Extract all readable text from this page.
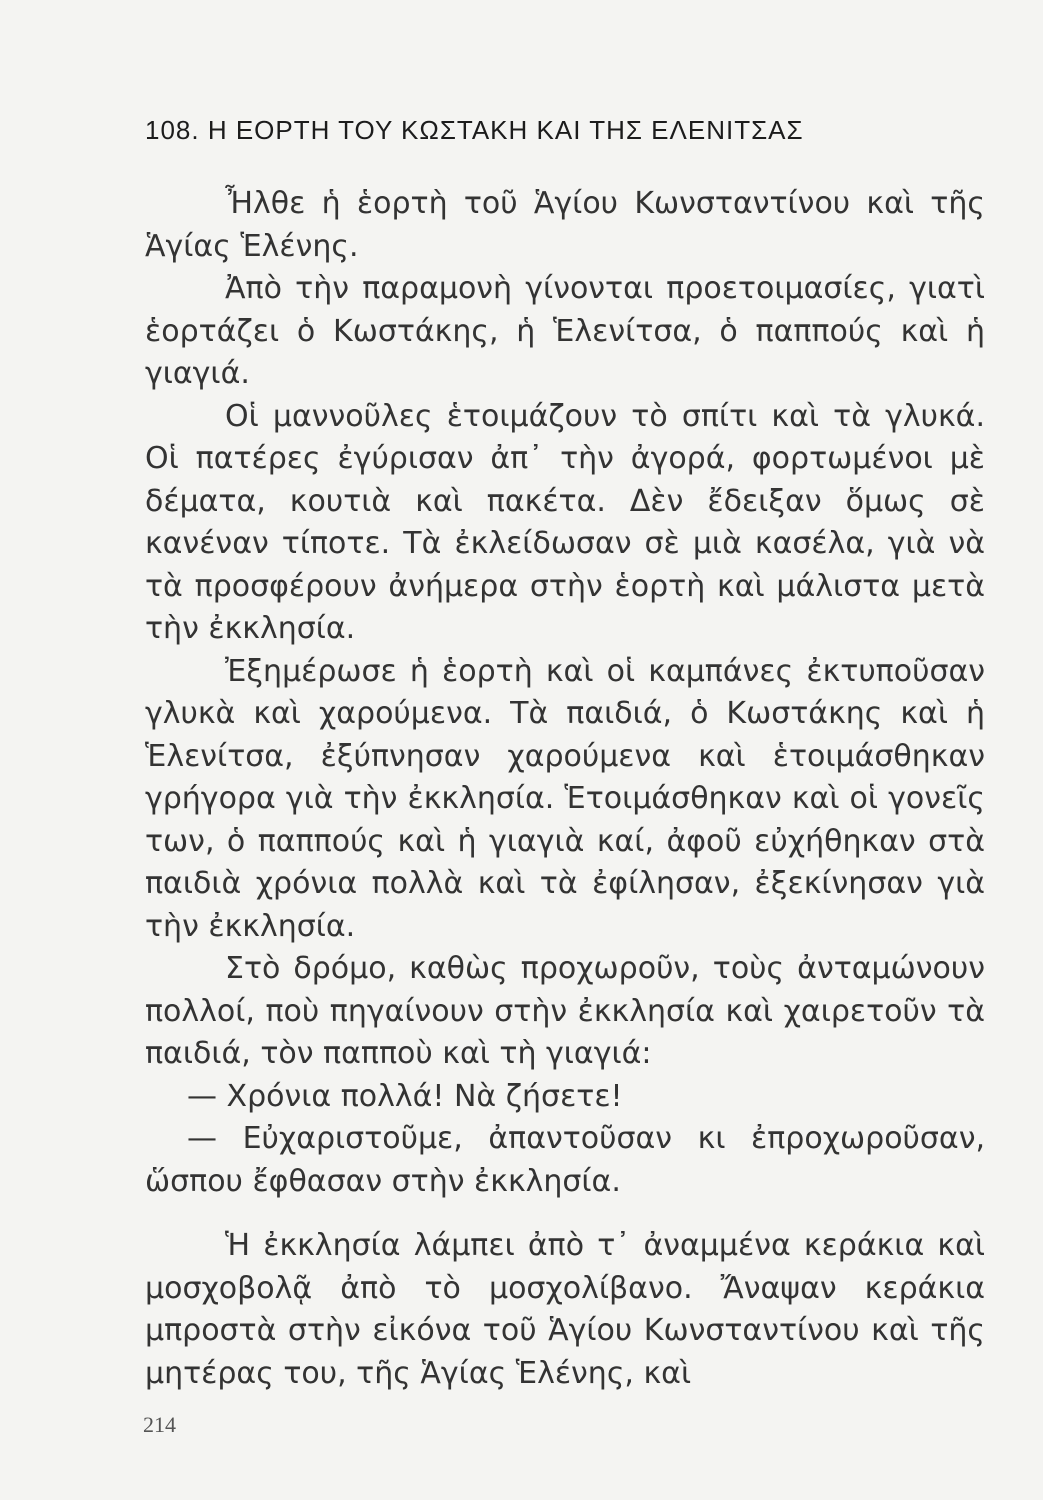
108. Η ΕΟΡΤΗ ΤΟΥ ΚΩΣΤΑΚΗ ΚΑΙ ΤΗΣ ΕΛΕΝΙΤΣΑΣ

Ἦλθε ἡ ἑορτὴ τοῦ Ἁγίου Κωνσταντίνου καὶ τῆς Ἁγίας Ἑλένης.

Ἀπὸ τὴν παραμονὴ γίνονται προετοιμασίες, γιατὶ ἑορτάζει ὁ Κωστάκης, ἡ Ἑλενίτσα, ὁ παππούς καὶ ἡ γιαγιά.

Οἱ μαννοῦλες ἑτοιμάζουν τὸ σπίτι καὶ τὰ γλυκά. Οἱ πατέρες ἐγύρισαν ἀπ᾽ τὴν ἀγορά, φορτωμένοι μὲ δέματα, κουτιὰ καὶ πακέτα. Δὲν ἔδειξαν ὅμως σὲ κανέναν τίποτε. Τὰ ἐκλείδωσαν σὲ μιὰ κασέλα, γιὰ νὰ τὰ προσφέρουν ἀνήμερα στὴν ἑορτὴ καὶ μάλιστα μετὰ τὴν ἐκκλησία.

Ἐξημέρωσε ἡ ἑορτὴ καὶ οἱ καμπάνες ἐκτυποῦσαν γλυκὰ καὶ χαρούμενα. Τὰ παιδιά, ὁ Κωστάκης καὶ ἡ Ἑλενίτσα, ἐξύπνησαν χαρούμενα καὶ ἑτοιμάσθηκαν γρήγορα γιὰ τὴν ἐκκλησία. Ἑτοιμάσθηκαν καὶ οἱ γονεῖς των, ὁ παππούς καὶ ἡ γιαγιὰ καί, ἀφοῦ εὐχήθηκαν στὰ παιδιὰ χρόνια πολλὰ καὶ τὰ ἐφίλησαν, ἐξεκίνησαν γιὰ τὴν ἐκκλησία.

Στὸ δρόμο, καθὼς προχωροῦν, τοὺς ἀνταμώνουν πολλοί, ποὺ πηγαίνουν στὴν ἐκκλησία καὶ χαιρετοῦν τὰ παιδιά, τὸν παπποὺ καὶ τὴ γιαγιά:

— Χρόνια πολλά! Νὰ ζήσετε!

— Εὐχαριστοῦμε, ἀπαντοῦσαν κι ἐπροχωροῦσαν, ὥσπου ἔφθασαν στὴν ἐκκλησία.

Ἡ ἐκκλησία λάμπει ἀπὸ τ᾽ ἀναμμένα κεράκια καὶ μοσχοβολᾷ ἀπὸ τὸ μοσχολίβανο. Ἄναψαν κεράκια μπροστὰ στὴν εἰκόνα τοῦ Ἁγίου Κωνσταντίνου καὶ τῆς μητέρας του, τῆς Ἁγίας Ἑλένης, καὶ

214
